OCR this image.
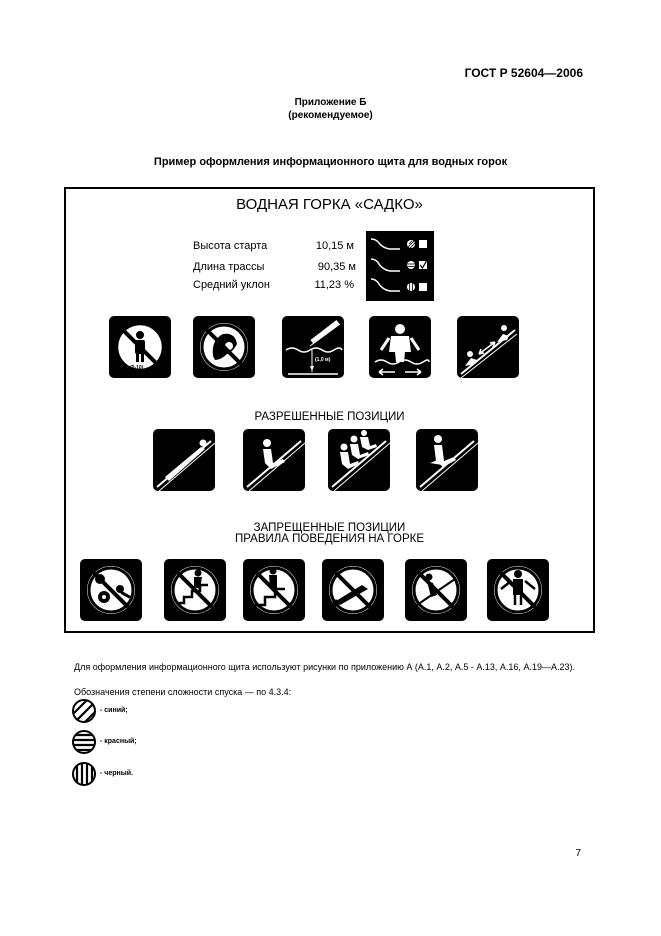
ГОСТ Р 52604—2006
Приложение Б
(рекомендуемое)
Пример оформления информационного щита для водных горок
ВОДНАЯ ГОРКА «САДКО»
Высота старта	10,15 м
Длина трассы	90,35 м
Средний уклон	11,23 %
(0-10)
(1,0 м)
РАЗРЕШЕННЫЕ ПОЗИЦИИ
ЗАПРЕЩЕННЫЕ ПОЗИЦИИ
ПРАВИЛА ПОВЕДЕНИЯ НА ГОРКЕ
Для оформления информационного щита используют рисунки по приложению А (А.1, А.2, А.5 - А.13, А.16, А.19—А.23).
Обозначения степени сложности спуска — по 4.3.4:
- синий;
- красный;
- черный.
7
